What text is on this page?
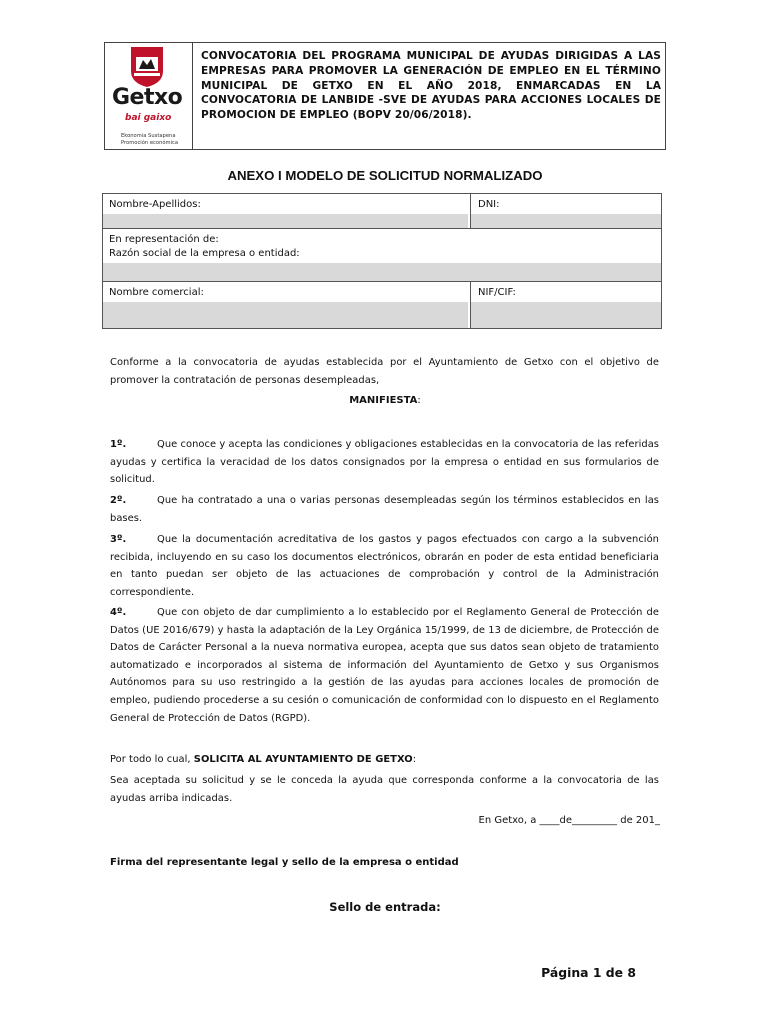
Getxo
bai gaixo
Ekonomia Sustapena
Promoción económica
CONVOCATORIA DEL PROGRAMA MUNICIPAL DE AYUDAS DIRIGIDAS A LAS EMPRESAS PARA PROMOVER LA GENERACIÓN DE EMPLEO EN EL TÉRMINO MUNICIPAL DE GETXO EN EL AÑO 2018, ENMARCADAS EN LA CONVOCATORIA DE LANBIDE -SVE DE AYUDAS PARA ACCIONES LOCALES DE PROMOCION DE EMPLEO (BOPV 20/06/2018).
ANEXO I MODELO DE SOLICITUD NORMALIZADO
Nombre-Apellidos:	DNI:
En representación de:
Razón social de la empresa o entidad:
Nombre comercial:	NIF/CIF:
Conforme a la convocatoria de ayudas establecida por el Ayuntamiento de Getxo con el objetivo de promover la contratación de personas desempleadas,
MANIFIESTA:
1º.	Que conoce y acepta las condiciones y obligaciones establecidas en la convocatoria de las referidas ayudas y certifica la veracidad de los datos consignados por la empresa o entidad en sus formularios de solicitud.
2º.	Que ha contratado a una o varias personas desempleadas según los términos establecidos en las bases.
3º.	Que la documentación acreditativa de los gastos y pagos efectuados con cargo a la subvención recibida, incluyendo en su caso los documentos electrónicos, obrarán en poder de esta entidad beneficiaria en tanto puedan ser objeto de las actuaciones de comprobación y control de la Administración correspondiente.
4º.	Que con objeto de dar cumplimiento a lo establecido por el Reglamento General de Protección de Datos (UE 2016/679) y hasta la adaptación de la Ley Orgánica 15/1999, de 13 de diciembre, de Protección de Datos de Carácter Personal a la nueva normativa europea, acepta que sus datos sean objeto de tratamiento automatizado e incorporados al sistema de información del Ayuntamiento de Getxo y sus Organismos Autónomos para su uso restringido a la gestión de las ayudas para acciones locales de promoción de empleo, pudiendo procederse a su cesión o comunicación de conformidad con lo dispuesto en el Reglamento General de Protección de Datos (RGPD).
Por todo lo cual, SOLICITA AL AYUNTAMIENTO DE GETXO:
Sea aceptada su solicitud y se le conceda la ayuda que corresponda conforme a la convocatoria de las ayudas arriba indicadas.
En Getxo, a ____de_________ de 201_
Firma del representante legal y sello de la empresa o entidad
Sello de entrada:
Página 1 de 8
